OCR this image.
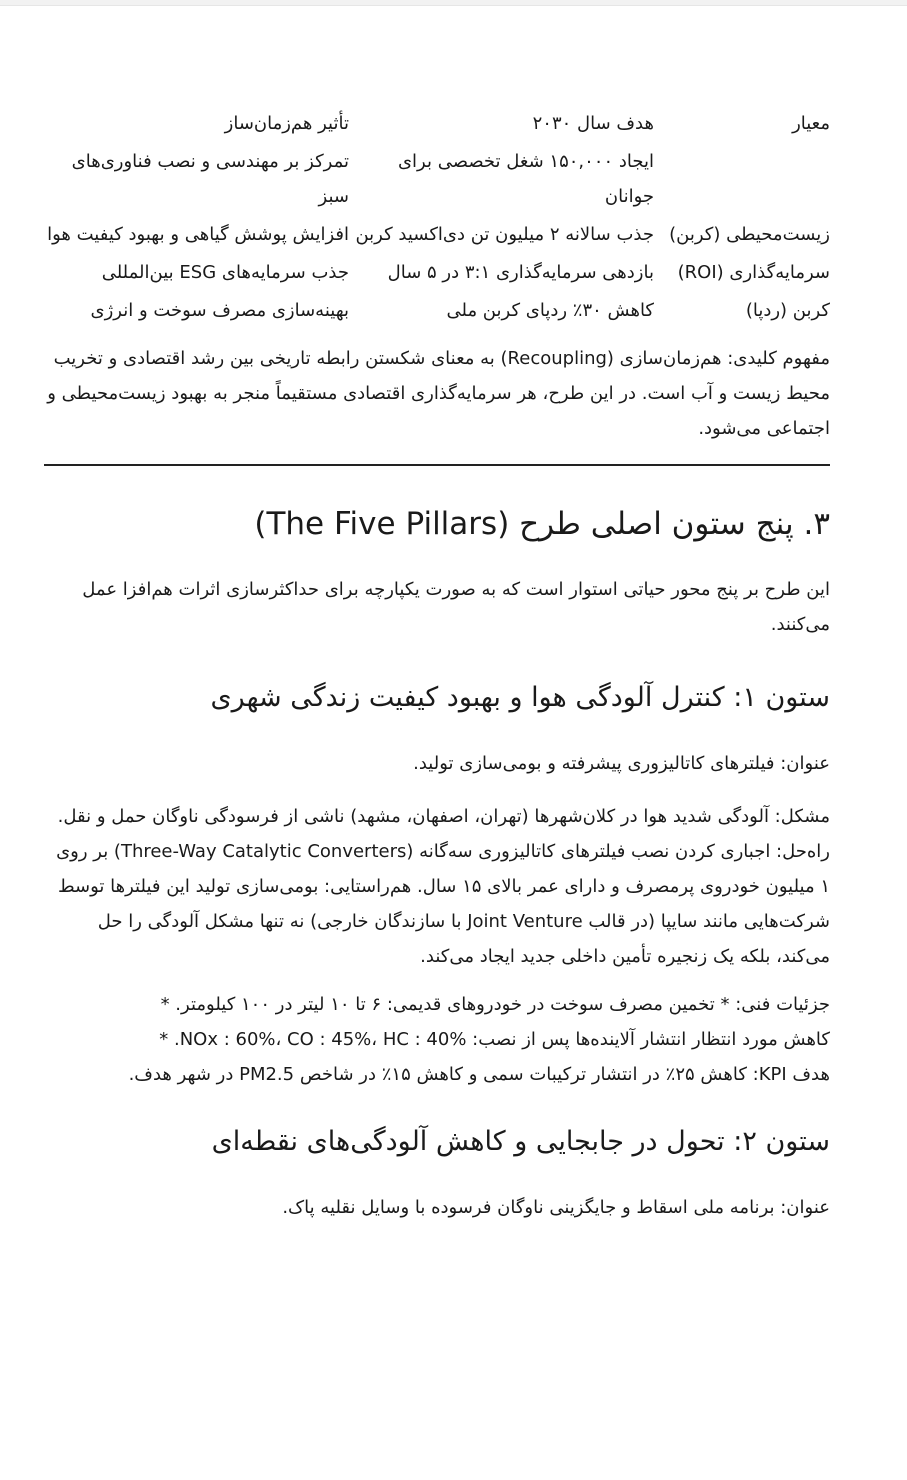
معیار	هدف سال ۲۰۳۰	تأثیر هم‌زمان‌ساز
	ایجاد ۱۵۰,۰۰۰ شغل تخصصی برای جوانان	تمرکز بر مهندسی و نصب فناوری‌های سبز
زیست‌محیطی (کربن)	جذب سالانه ۲ میلیون تن دی‌اکسید کربن	افزایش پوشش گیاهی و بهبود کیفیت هوا
سرمایه‌گذاری (ROI)	بازدهی سرمایه‌گذاری ۳:۱ در ۵ سال	جذب سرمایه‌های ESG بین‌المللی
کربن (ردپا)	کاهش ۳۰٪ ردپای کربن ملی	بهینه‌سازی مصرف سوخت و انرژی

مفهوم کلیدی: هم‌زمان‌سازی (Recoupling) به معنای شکستن رابطه تاریخی بین رشد اقتصادی و تخریب محیط زیست و آب است. در این طرح، هر سرمایه‌گذاری اقتصادی مستقیماً منجر به بهبود زیست‌محیطی و اجتماعی می‌شود.

۳. پنج ستون اصلی طرح (The Five Pillars)

این طرح بر پنج محور حیاتی استوار است که به صورت یکپارچه برای حداکثرسازی اثرات هم‌افزا عمل می‌کنند.

ستون ۱: کنترل آلودگی هوا و بهبود کیفیت زندگی شهری

عنوان: فیلترهای کاتالیزوری پیشرفته و بومی‌سازی تولید.

مشکل: آلودگی شدید هوا در کلان‌شهرها (تهران، اصفهان، مشهد) ناشی از فرسودگی ناوگان حمل و نقل. راه‌حل: اجباری کردن نصب فیلترهای کاتالیزوری سه‌گانه (Three-Way Catalytic Converters) بر روی ۱ میلیون خودروی پرمصرف و دارای عمر بالای ۱۵ سال. هم‌راستایی: بومی‌سازی تولید این فیلترها توسط شرکت‌هایی مانند سایپا (در قالب Joint Venture با سازندگان خارجی) نه تنها مشکل آلودگی را حل می‌کند، بلکه یک زنجیره تأمین داخلی جدید ایجاد می‌کند.

جزئیات فنی: * تخمین مصرف سوخت در خودروهای قدیمی: ۶ تا ۱۰ لیتر در ۱۰۰ کیلومتر. *

کاهش مورد انتظار انتشار آلاینده‌ها پس از نصب: NOx : 60%، CO : 45%، HC : 40%. *

هدف KPI: کاهش ۲۵٪ در انتشار ترکیبات سمی و کاهش ۱۵٪ در شاخص PM2.5 در شهر هدف.

ستون ۲: تحول در جابجایی و کاهش آلودگی‌های نقطه‌ای

عنوان: برنامه ملی اسقاط و جایگزینی ناوگان فرسوده با وسایل نقلیه پاک.
